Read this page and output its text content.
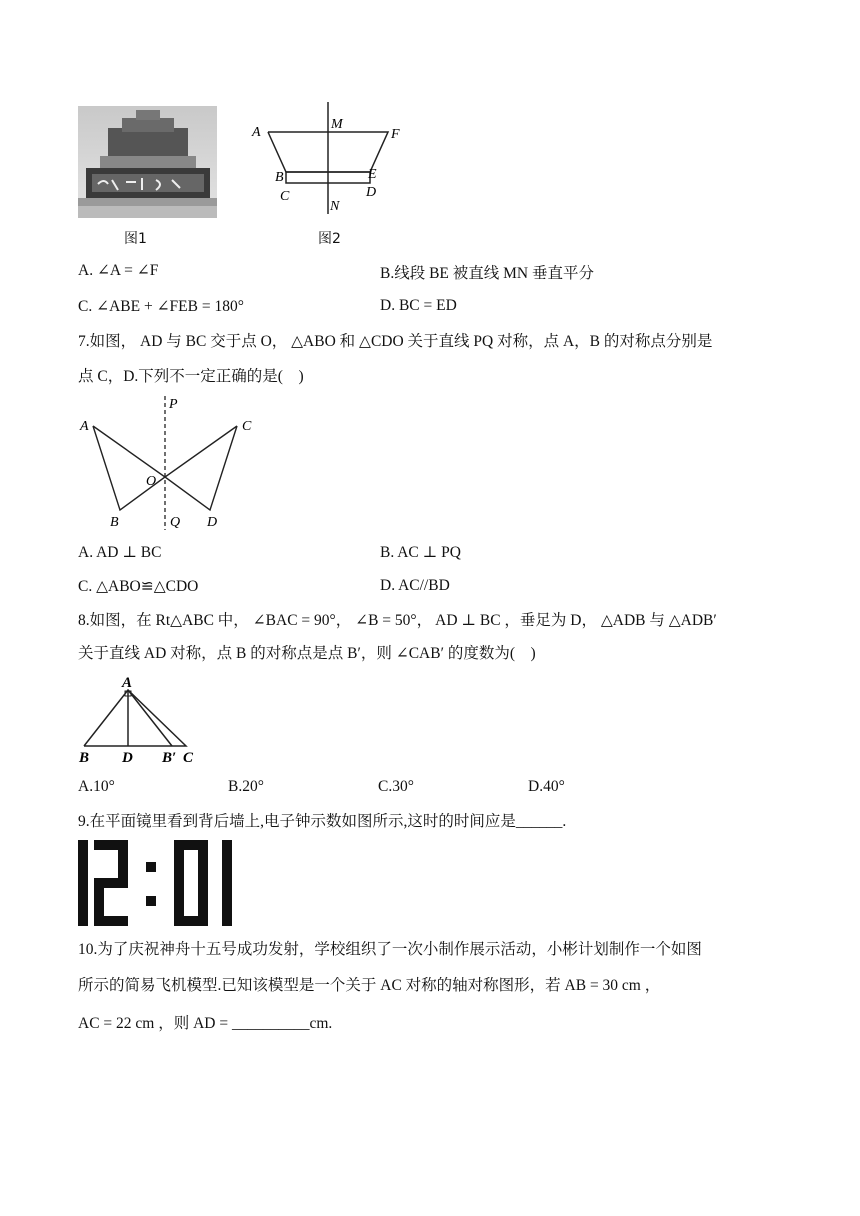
图1
A
M
F
B	E
C	D
N
图2
A. ∠A = ∠F	B.线段 BE 被直线 MN 垂直平分
C. ∠ABE + ∠FEB = 180°	D. BC = ED
7.如图， AD 与 BC 交于点 O， △ABO 和 △CDO 关于直线 PQ 对称，点 A，B 的对称点分别是
点 C，D.下列不一定正确的是(　)
P
A	C
O
B	Q D
A. AD ⊥ BC	B. AC ⊥ PQ
C. △ABO≌△CDO	D. AC//BD
8.如图，在 Rt△ABC 中， ∠BAC = 90°， ∠B = 50°， AD ⊥ BC ，垂足为 D， △ADB 与 △ADB′
关于直线 AD 对称，点 B 的对称点是点 B′，则 ∠CAB′ 的度数为(　)
A
B D B′ C
A.10°	B.20°	C.30°	D.40°
9.在平面镜里看到背后墙上,电子钟示数如图所示,这时的时间应是______.
10.为了庆祝神舟十五号成功发射，学校组织了一次小制作展示活动，小彬计划制作一个如图
所示的简易飞机模型.已知该模型是一个关于 AC 对称的轴对称图形，若 AB = 30 cm ，
AC = 22 cm ，则 AD = __________cm.
